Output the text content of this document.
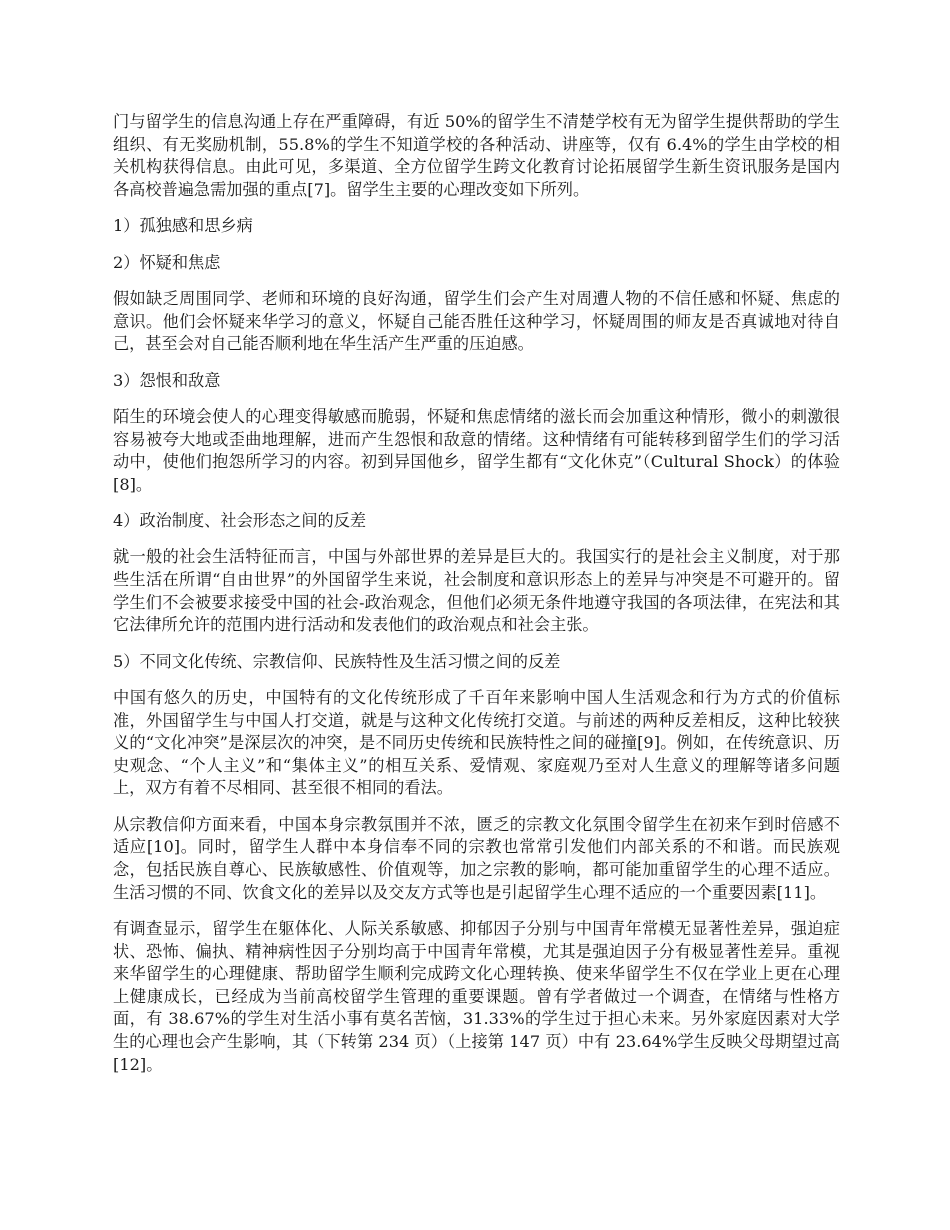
门与留学生的信息沟通上存在严重障碍，有近 50%的留学生不清楚学校有无为留学生提供帮助的学生组织、有无奖励机制，55.8%的学生不知道学校的各种活动、讲座等，仅有 6.4%的学生由学校的相关机构获得信息。由此可见，多渠道、全方位留学生跨文化教育讨论拓展留学生新生资讯服务是国内各高校普遍急需加强的重点[7]。留学生主要的心理改变如下所列。

1）孤独感和思乡病

2）怀疑和焦虑

假如缺乏周围同学、老师和环境的良好沟通，留学生们会产生对周遭人物的不信任感和怀疑、焦虑的意识。他们会怀疑来华学习的意义，怀疑自己能否胜任这种学习，怀疑周围的师友是否真诚地对待自己，甚至会对自己能否顺利地在华生活产生严重的压迫感。

3）怨恨和敌意

陌生的环境会使人的心理变得敏感而脆弱，怀疑和焦虑情绪的滋长而会加重这种情形，微小的刺激很容易被夸大地或歪曲地理解，进而产生怨恨和敌意的情绪。这种情绪有可能转移到留学生们的学习活动中，使他们抱怨所学习的内容。初到异国他乡，留学生都有“文化休克”（Cultural Shock）的体验[8]。

4）政治制度、社会形态之间的反差

就一般的社会生活特征而言，中国与外部世界的差异是巨大的。我国实行的是社会主义制度，对于那些生活在所谓“自由世界”的外国留学生来说，社会制度和意识形态上的差异与冲突是不可避开的。留学生们不会被要求接受中国的社会-政治观念，但他们必须无条件地遵守我国的各项法律，在宪法和其它法律所允许的范围内进行活动和发表他们的政治观点和社会主张。

5）不同文化传统、宗教信仰、民族特性及生活习惯之间的反差

中国有悠久的历史，中国特有的文化传统形成了千百年来影响中国人生活观念和行为方式的价值标准，外国留学生与中国人打交道，就是与这种文化传统打交道。与前述的两种反差相反，这种比较狭义的“文化冲突”是深层次的冲突，是不同历史传统和民族特性之间的碰撞[9]。例如，在传统意识、历史观念、“个人主义”和“集体主义”的相互关系、爱情观、家庭观乃至对人生意义的理解等诸多问题上，双方有着不尽相同、甚至很不相同的看法。

从宗教信仰方面来看，中国本身宗教氛围并不浓，匮乏的宗教文化氛围令留学生在初来乍到时倍感不适应[10]。同时，留学生人群中本身信奉不同的宗教也常常引发他们内部关系的不和谐。而民族观念，包括民族自尊心、民族敏感性、价值观等，加之宗教的影响，都可能加重留学生的心理不适应。生活习惯的不同、饮食文化的差异以及交友方式等也是引起留学生心理不适应的一个重要因素[11]。

有调查显示，留学生在躯体化、人际关系敏感、抑郁因子分别与中国青年常模无显著性差异，强迫症状、恐怖、偏执、精神病性因子分别均高于中国青年常模，尤其是强迫因子分有极显著性差异。重视来华留学生的心理健康、帮助留学生顺利完成跨文化心理转换、使来华留学生不仅在学业上更在心理上健康成长，已经成为当前高校留学生管理的重要课题。曾有学者做过一个调查，在情绪与性格方面，有 38.67%的学生对生活小事有莫名苦恼，31.33%的学生过于担心未来。另外家庭因素对大学生的心理也会产生影响，其（下转第 234 页）（上接第 147 页）中有 23.64%学生反映父母期望过高[12]。
